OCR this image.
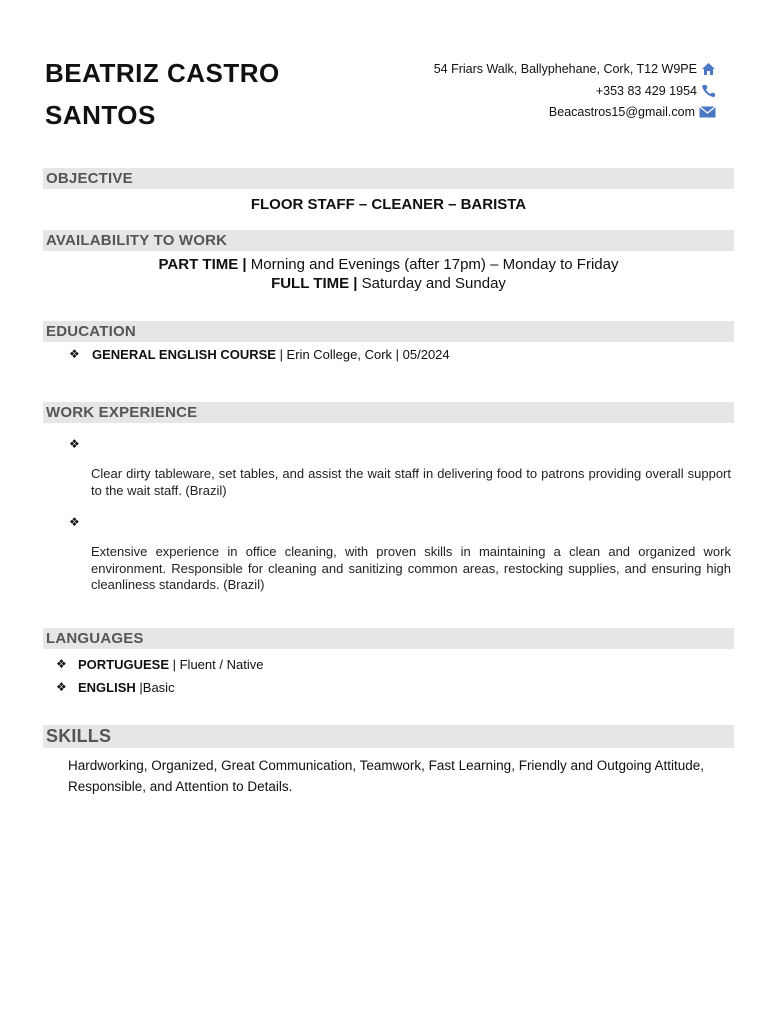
BEATRIZ CASTRO
SANTOS
54 Friars Walk, Ballyphehane, Cork, T12 W9PE
+353 83 429 1954
Beacastros15@gmail.com
OBJECTIVE
FLOOR STAFF – CLEANER – BARISTA
AVAILABILITY TO WORK
PART TIME | Morning and Evenings (after 17pm) – Monday to Friday
FULL TIME | Saturday and Sunday
EDUCATION
❖ GENERAL ENGLISH COURSE | Erin College, Cork | 05/2024
WORK EXPERIENCE
❖
Clear dirty tableware, set tables, and assist the wait staff in delivering food to patrons providing overall support to the wait staff. (Brazil)
❖
Extensive experience in office cleaning, with proven skills in maintaining a clean and organized work environment. Responsible for cleaning and sanitizing common areas, restocking supplies, and ensuring high cleanliness standards. (Brazil)
LANGUAGES
❖ PORTUGUESE | Fluent / Native
❖ ENGLISH |Basic
SKILLS
Hardworking, Organized, Great Communication, Teamwork, Fast Learning, Friendly and Outgoing Attitude, Responsible, and Attention to Details.
